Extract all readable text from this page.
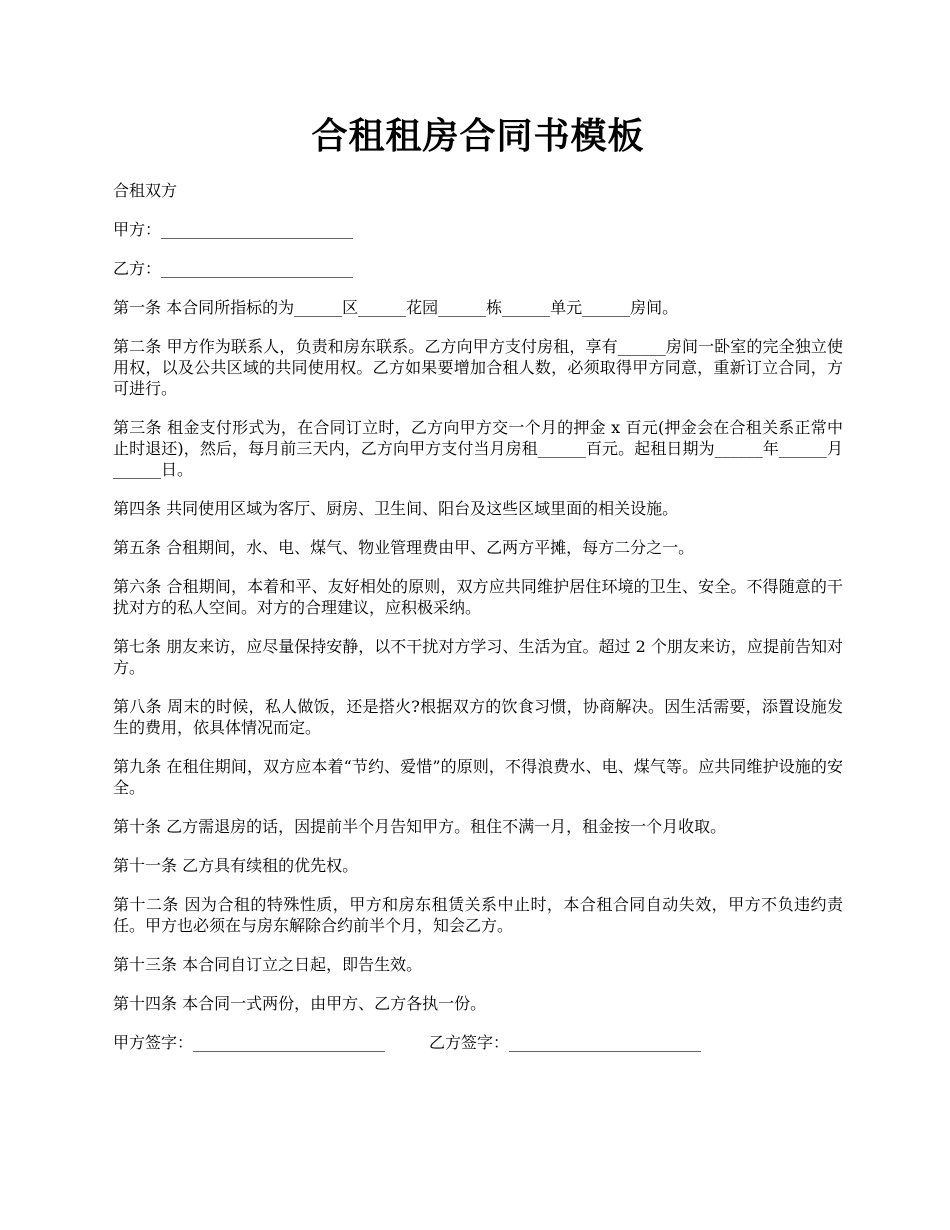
合租租房合同书模板

合租双方

甲方：________________________

乙方：________________________

第一条 本合同所指标的为______区______花园______栋______单元______房间。

第二条 甲方作为联系人，负责和房东联系。乙方向甲方支付房租，享有______房间一卧室的完全独立使用权，以及公共区域的共同使用权。乙方如果要增加合租人数，必须取得甲方同意，重新订立合同，方可进行。

第三条 租金支付形式为，在合同订立时，乙方向甲方交一个月的押金 x 百元(押金会在合租关系正常中止时退还)，然后，每月前三天内，乙方向甲方支付当月房租______百元。起租日期为______年______月______日。

第四条 共同使用区域为客厅、厨房、卫生间、阳台及这些区域里面的相关设施。

第五条 合租期间，水、电、煤气、物业管理费由甲、乙两方平摊，每方二分之一。

第六条 合租期间，本着和平、友好相处的原则，双方应共同维护居住环境的卫生、安全。不得随意的干扰对方的私人空间。对方的合理建议，应积极采纳。

第七条 朋友来访，应尽量保持安静，以不干扰对方学习、生活为宜。超过 2 个朋友来访，应提前告知对方。

第八条 周末的时候，私人做饭，还是搭火?根据双方的饮食习惯，协商解决。因生活需要，添置设施发生的费用，依具体情况而定。

第九条 在租住期间，双方应本着“节约、爱惜”的原则，不得浪费水、电、煤气等。应共同维护设施的安全。

第十条 乙方需退房的话，因提前半个月告知甲方。租住不满一月，租金按一个月收取。

第十一条 乙方具有续租的优先权。

第十二条 因为合租的特殊性质，甲方和房东租赁关系中止时，本合租合同自动失效，甲方不负违约责任。甲方也必须在与房东解除合约前半个月，知会乙方。

第十三条 本合同自订立之日起，即告生效。

第十四条 本合同一式两份，由甲方、乙方各执一份。

甲方签字：________________________	乙方签字：________________________
